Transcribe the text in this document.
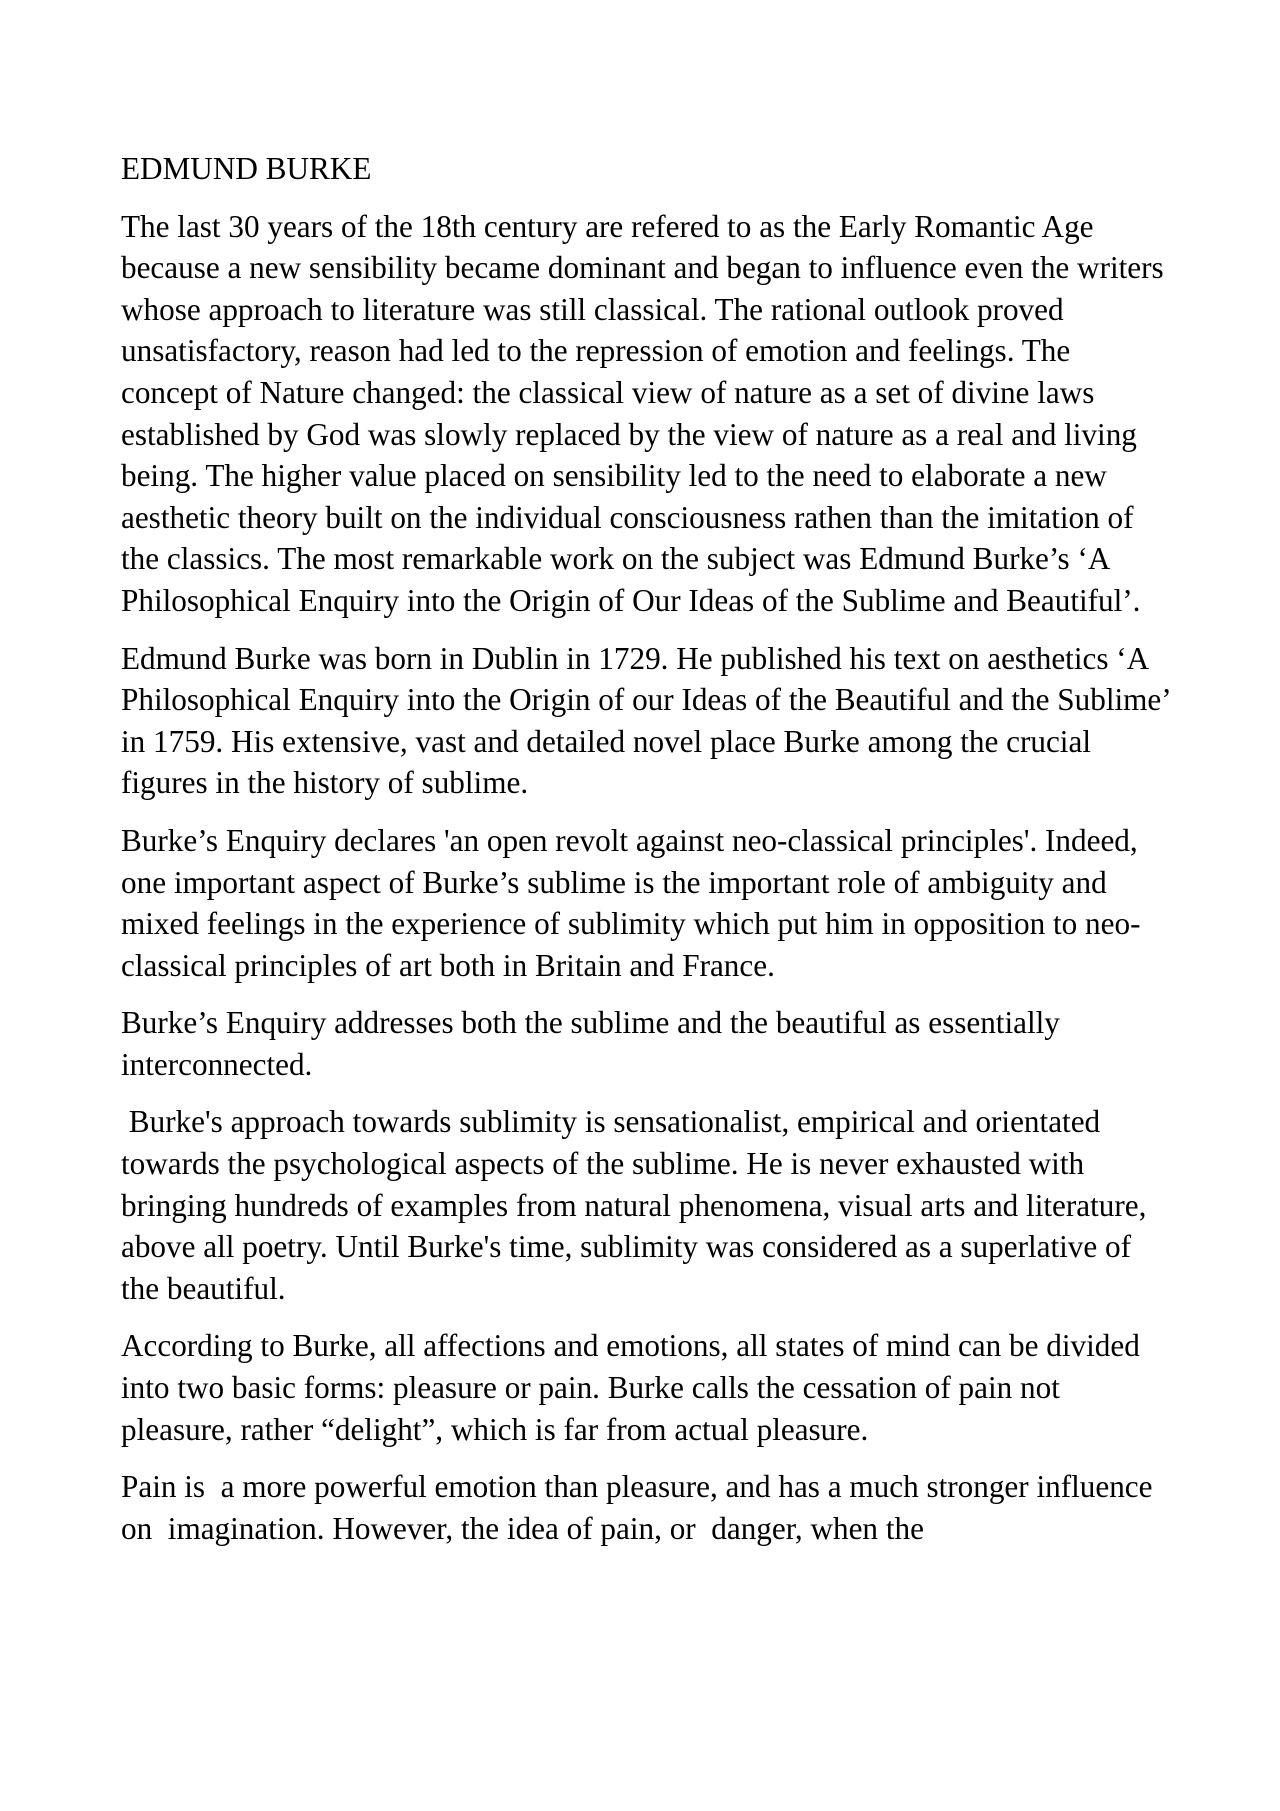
EDMUND BURKE

The last 30 years of the 18th century are refered to as the Early Romantic Age because a new sensibility became dominant and began to influence even the writers whose approach to literature was still classical. The rational outlook proved unsatisfactory, reason had led to the repression of emotion and feelings. The concept of Nature changed: the classical view of nature as a set of divine laws established by God was slowly replaced by the view of nature as a real and living being. The higher value placed on sensibility led to the need to elaborate a new aesthetic theory built on the individual consciousness rathen than the imitation of the classics. The most remarkable work on the subject was Edmund Burke’s ‘A Philosophical Enquiry into the Origin of Our Ideas of the Sublime and Beautiful’.

Edmund Burke was born in Dublin in 1729. He published his text on aesthetics ‘A Philosophical Enquiry into the Origin of our Ideas of the Beautiful and the Sublime’ in 1759. His extensive, vast and detailed novel place Burke among the crucial figures in the history of sublime.

Burke’s Enquiry declares 'an open revolt against neo-classical principles'. Indeed, one important aspect of Burke’s sublime is the important role of ambiguity and mixed feelings in the experience of sublimity which put him in opposition to neo-classical principles of art both in Britain and France.

Burke’s Enquiry addresses both the sublime and the beautiful as essentially interconnected.

Burke's approach towards sublimity is sensationalist, empirical and orientated towards the psychological aspects of the sublime. He is never exhausted with bringing hundreds of examples from natural phenomena, visual arts and literature, above all poetry. Until Burke's time, sublimity was considered as a superlative of the beautiful.

According to Burke, all affections and emotions, all states of mind can be divided into two basic forms: pleasure or pain. Burke calls the cessation of pain not pleasure, rather “delight”, which is far from actual pleasure.

Pain is  a more powerful emotion than pleasure, and has a much stronger influence on  imagination. However, the idea of pain, or  danger, when the
